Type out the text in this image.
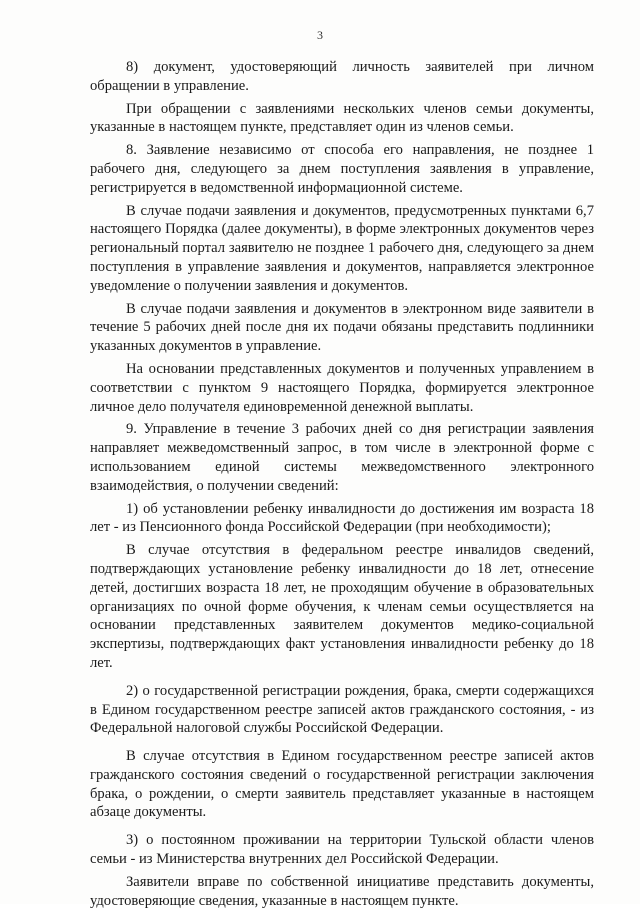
3

8) документ, удостоверяющий личность заявителей при личном обращении в управление.

При обращении с заявлениями нескольких членов семьи документы, указанные в настоящем пункте, представляет один из членов семьи.

8. Заявление независимо от способа его направления, не позднее 1 рабочего дня, следующего за днем поступления заявления в управление, регистрируется в ведомственной информационной системе.

В случае подачи заявления и документов, предусмотренных пунктами 6,7 настоящего Порядка (далее документы), в форме электронных документов через региональный портал заявителю не позднее 1 рабочего дня, следующего за днем поступления в управление заявления и документов, направляется электронное уведомление о получении заявления и документов.

В случае подачи заявления и документов в электронном виде заявители в течение 5 рабочих дней после дня их подачи обязаны представить подлинники указанных документов в управление.

На основании представленных документов и полученных управлением в соответствии с пунктом 9 настоящего Порядка, формируется электронное личное дело получателя единовременной денежной выплаты.

9. Управление в течение 3 рабочих дней со дня регистрации заявления направляет межведомственный запрос, в том числе в электронной форме с использованием единой системы межведомственного электронного взаимодействия, о получении сведений:

1) об установлении ребенку инвалидности до достижения им возраста 18 лет - из Пенсионного фонда Российской Федерации (при необходимости);

В случае отсутствия в федеральном реестре инвалидов сведений, подтверждающих установление ребенку инвалидности до 18 лет, отнесение детей, достигших возраста 18 лет, не проходящим обучение в образовательных организациях по очной форме обучения, к членам семьи осуществляется на основании представленных заявителем документов медико-социальной экспертизы, подтверждающих факт установления инвалидности ребенку до 18 лет.

2) о государственной регистрации рождения, брака, смерти содержащихся в Едином государственном реестре записей актов гражданского состояния, - из Федеральной налоговой службы Российской Федерации.

В случае отсутствия в Едином государственном реестре записей актов гражданского состояния сведений о государственной регистрации заключения брака, о рождении, о смерти заявитель представляет указанные в настоящем абзаце документы.

3) о постоянном проживании на территории Тульской области членов семьи - из Министерства внутренних дел Российской Федерации.

Заявители вправе по собственной инициативе представить документы, удостоверяющие сведения, указанные в настоящем пункте.
